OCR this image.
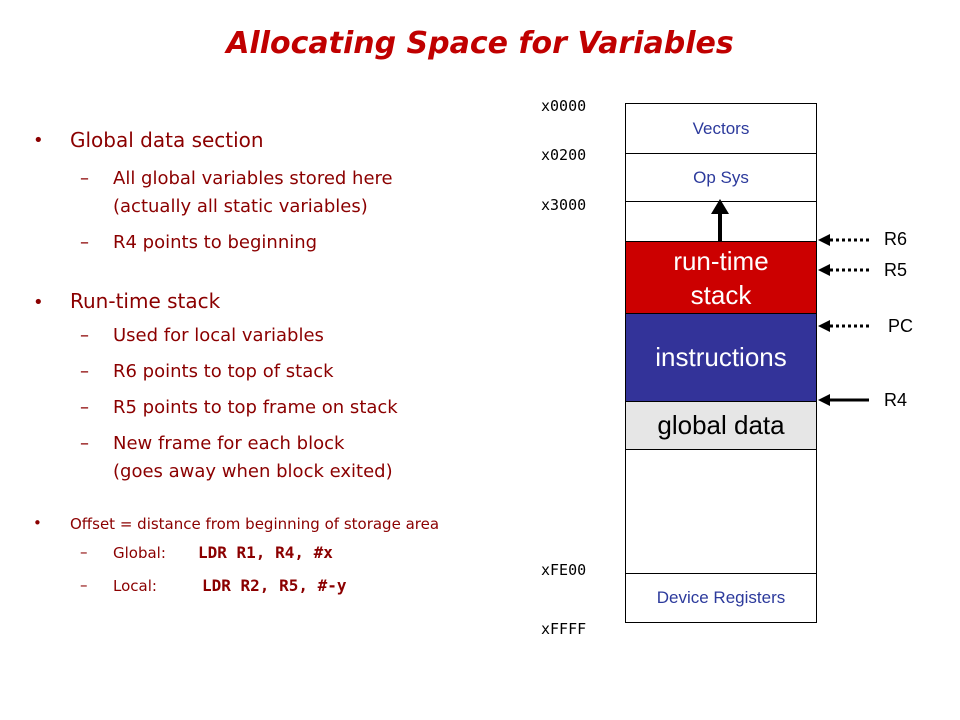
Allocating Space for Variables
• Global data section
– All global variables stored here
(actually all static variables)
– R4 points to beginning
• Run-time stack
– Used for local variables
– R6 points to top of stack
– R5 points to top frame on stack
– New frame for each block
(goes away when block exited)
• Offset = distance from beginning of storage area
– Global: LDR R1, R4, #x
– Local:	LDR R2, R5, #-y
x0000
x0200
x3000
xFE00
xFFFF
Vectors
Op Sys
run-time
stack
instructions
global data
Device Registers
R6
R5
PC
R4
